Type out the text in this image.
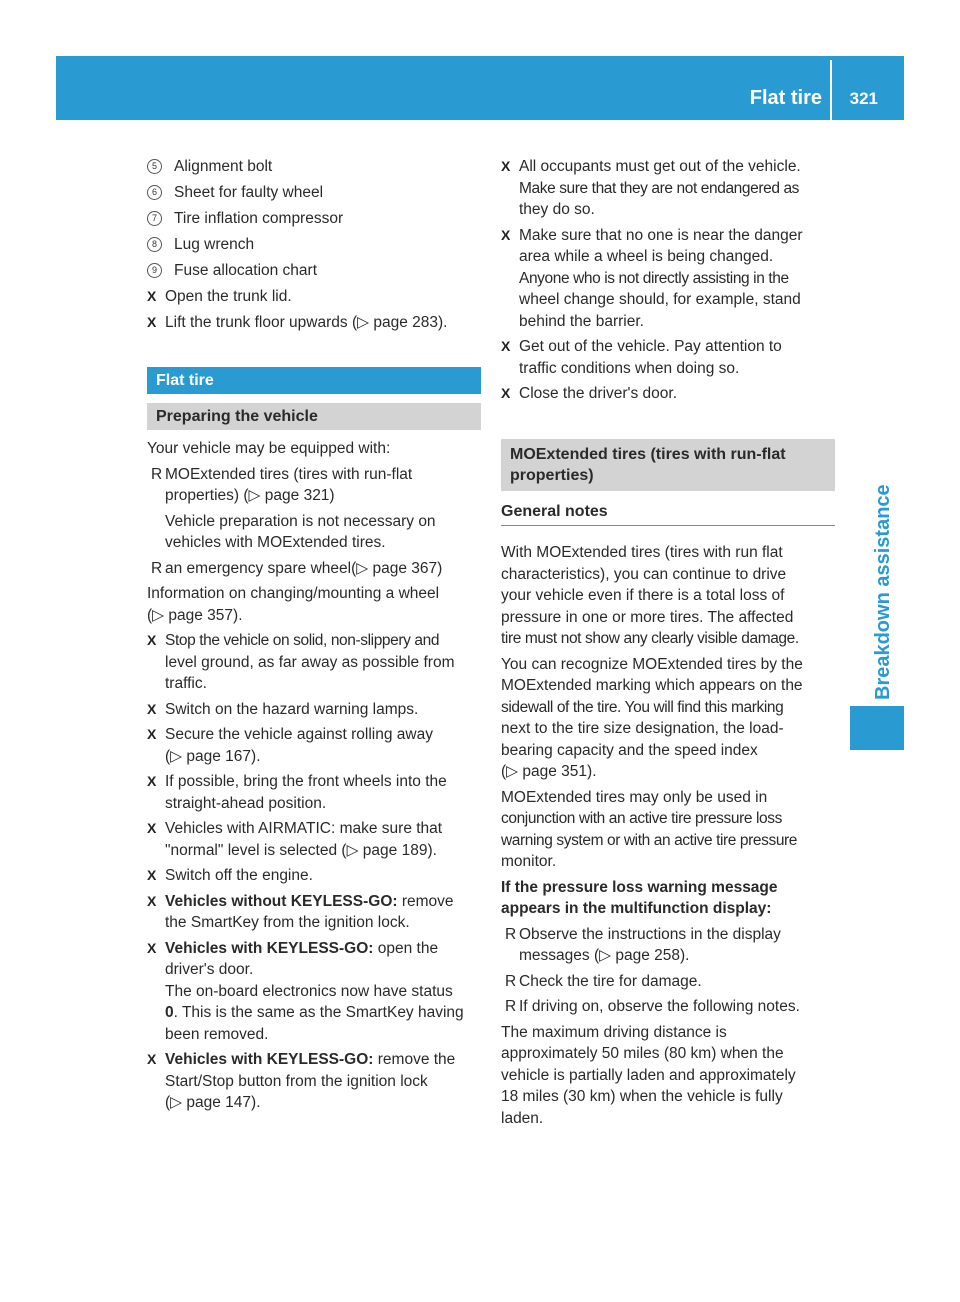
Flat tire 321
Breakdown assistance
5	Alignment bolt
6	Sheet for faulty wheel
7	Tire inflation compressor
8	Lug wrench
9	Fuse allocation chart
X Open the trunk lid.
X Lift the trunk floor upwards (▷ page 283).
Flat tire
Preparing the vehicle
Your vehicle may be equipped with:
R MOExtended tires (tires with run-flat
properties) (▷ page 321)
Vehicle preparation is not necessary on
vehicles with MOExtended tires.
R an emergency spare wheel(▷ page 367)
Information on changing/mounting a wheel
(▷ page 357).
X Stop the vehicle on solid, non-slippery and
level ground, as far away as possible from
traffic.
X Switch on the hazard warning lamps.
X Secure the vehicle against rolling away
(▷ page 167).
X If possible, bring the front wheels into the
straight-ahead position.
X Vehicles with AIRMATIC: make sure that
"normal" level is selected (▷ page 189).
X Switch off the engine.
X Vehicles without KEYLESS-GO: remove
the SmartKey from the ignition lock.
X Vehicles with KEYLESS-GO: open the
driver's door.
The on-board electronics now have status
0. This is the same as the SmartKey having
been removed.
X Vehicles with KEYLESS-GO: remove the
Start/Stop button from the ignition lock
(▷ page 147).
X All occupants must get out of the vehicle.
Make sure that they are not endangered as
they do so.
X Make sure that no one is near the danger
area while a wheel is being changed.
Anyone who is not directly assisting in the
wheel change should, for example, stand
behind the barrier.
X Get out of the vehicle. Pay attention to
traffic conditions when doing so.
X Close the driver's door.
MOExtended tires (tires with run-flat
properties)
General notes
With MOExtended tires (tires with run flat
characteristics), you can continue to drive
your vehicle even if there is a total loss of
pressure in one or more tires. The affected
tire must not show any clearly visible damage.
You can recognize MOExtended tires by the
MOExtended marking which appears on the
sidewall of the tire. You will find this marking
next to the tire size designation, the load-
bearing capacity and the speed index
(▷ page 351).
MOExtended tires may only be used in
conjunction with an active tire pressure loss
warning system or with an active tire pressure
monitor.
If the pressure loss warning message
appears in the multifunction display:
R Observe the instructions in the display
messages (▷ page 258).
R Check the tire for damage.
R If driving on, observe the following notes.
The maximum driving distance is
approximately 50 miles (80 km) when the
vehicle is partially laden and approximately
18 miles (30 km) when the vehicle is fully
laden.
